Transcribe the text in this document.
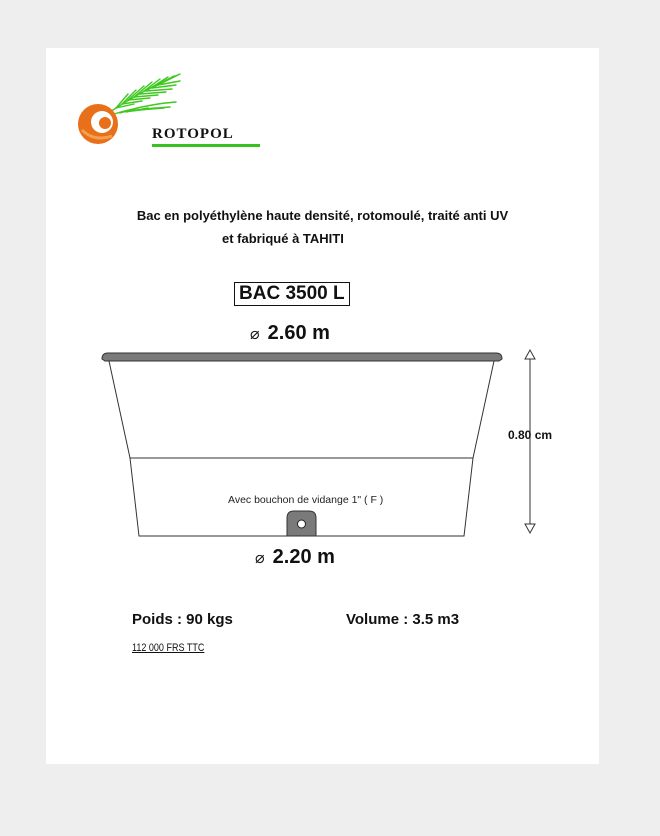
ROTOPOL
Bac en polyéthylène haute densité, rotomoulé, traité anti UV
et fabriqué à TAHITI
BAC 3500 L
⌀ 2.60 m
Avec bouchon de vidange 1" ( F )
0.80 cm
⌀ 2.20 m
Poids : 90 kgs	Volume : 3.5 m3
112 000 FRS TTC
